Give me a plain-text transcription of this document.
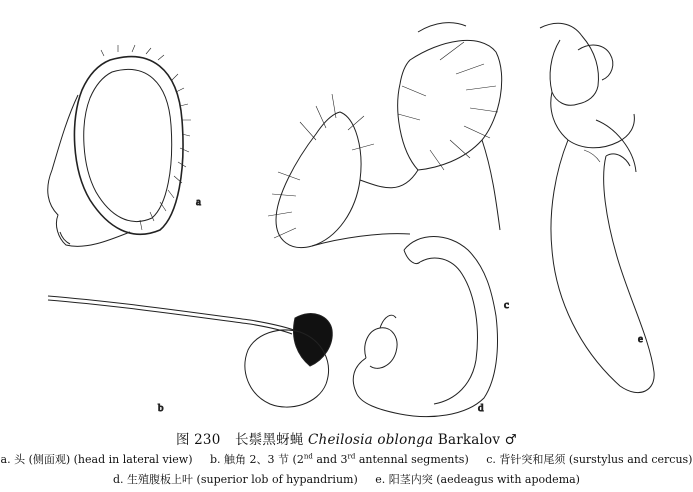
a
b
c
d
e
图 230 长鬃黑蚜蝇 Cheilosia oblonga Barkalov ♂
a. 头 (侧面观) (head in lateral view) b. 触角 2、3 节 (2nd and 3rd antennal segments) c. 背针突和尾须 (surstylus and cercus)
d. 生殖腹板上叶 (superior lob of hypandrium) e. 阳茎内突 (aedeagus with apodema)
